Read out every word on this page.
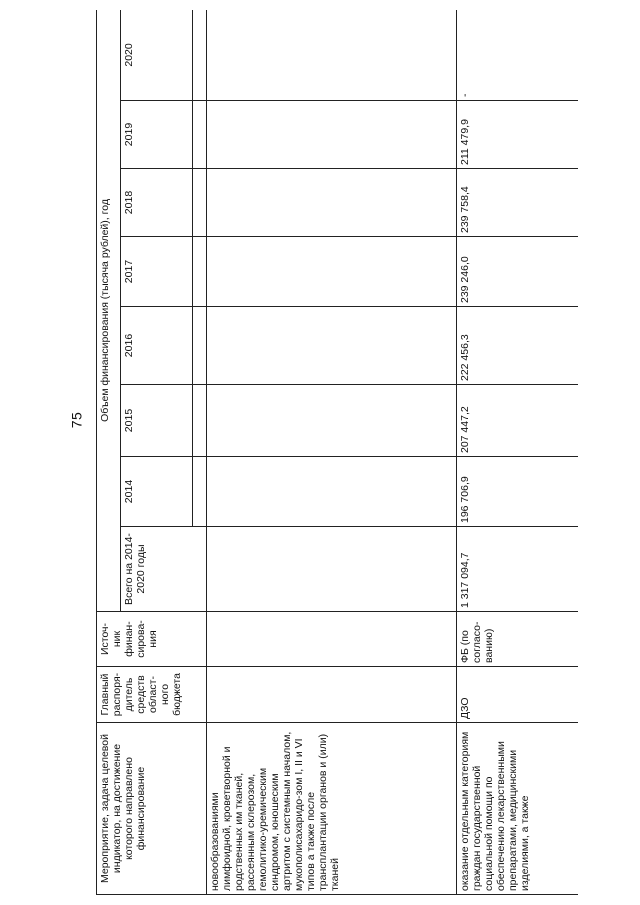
75
Мероприятие, задача целевой индикатор, на достижение которого направлено финансирование	Главный распоря-дитель средств област-ного бюджета	Источ-ник финан-сирова-ния	Объем финансирования (тысяча рублей), год							
			Всего на 2014-2020 годы	2014	2015	2016	2017	2018	2019	2020

новообразованиями лимфоидной, кроветворной и родственных им тканей, рассеянным склерозом, гемолитико-уремическим синдромом, юношеским артритом с системным началом, мукополисахаридо-зом I, II и VI типов а также после трансплантации органов и (или) тканей										
оказание отдельным категориям граждан государственной социальной помощи по обеспечению лекарственными препаратами, медицинскими изделиями, а также	ДЗО	ФБ (по согласо-ванию)	1 317 094,7	196 706,9	207 447,2	222 456,3	239 246,0	239 758,4	211 479,9	-
